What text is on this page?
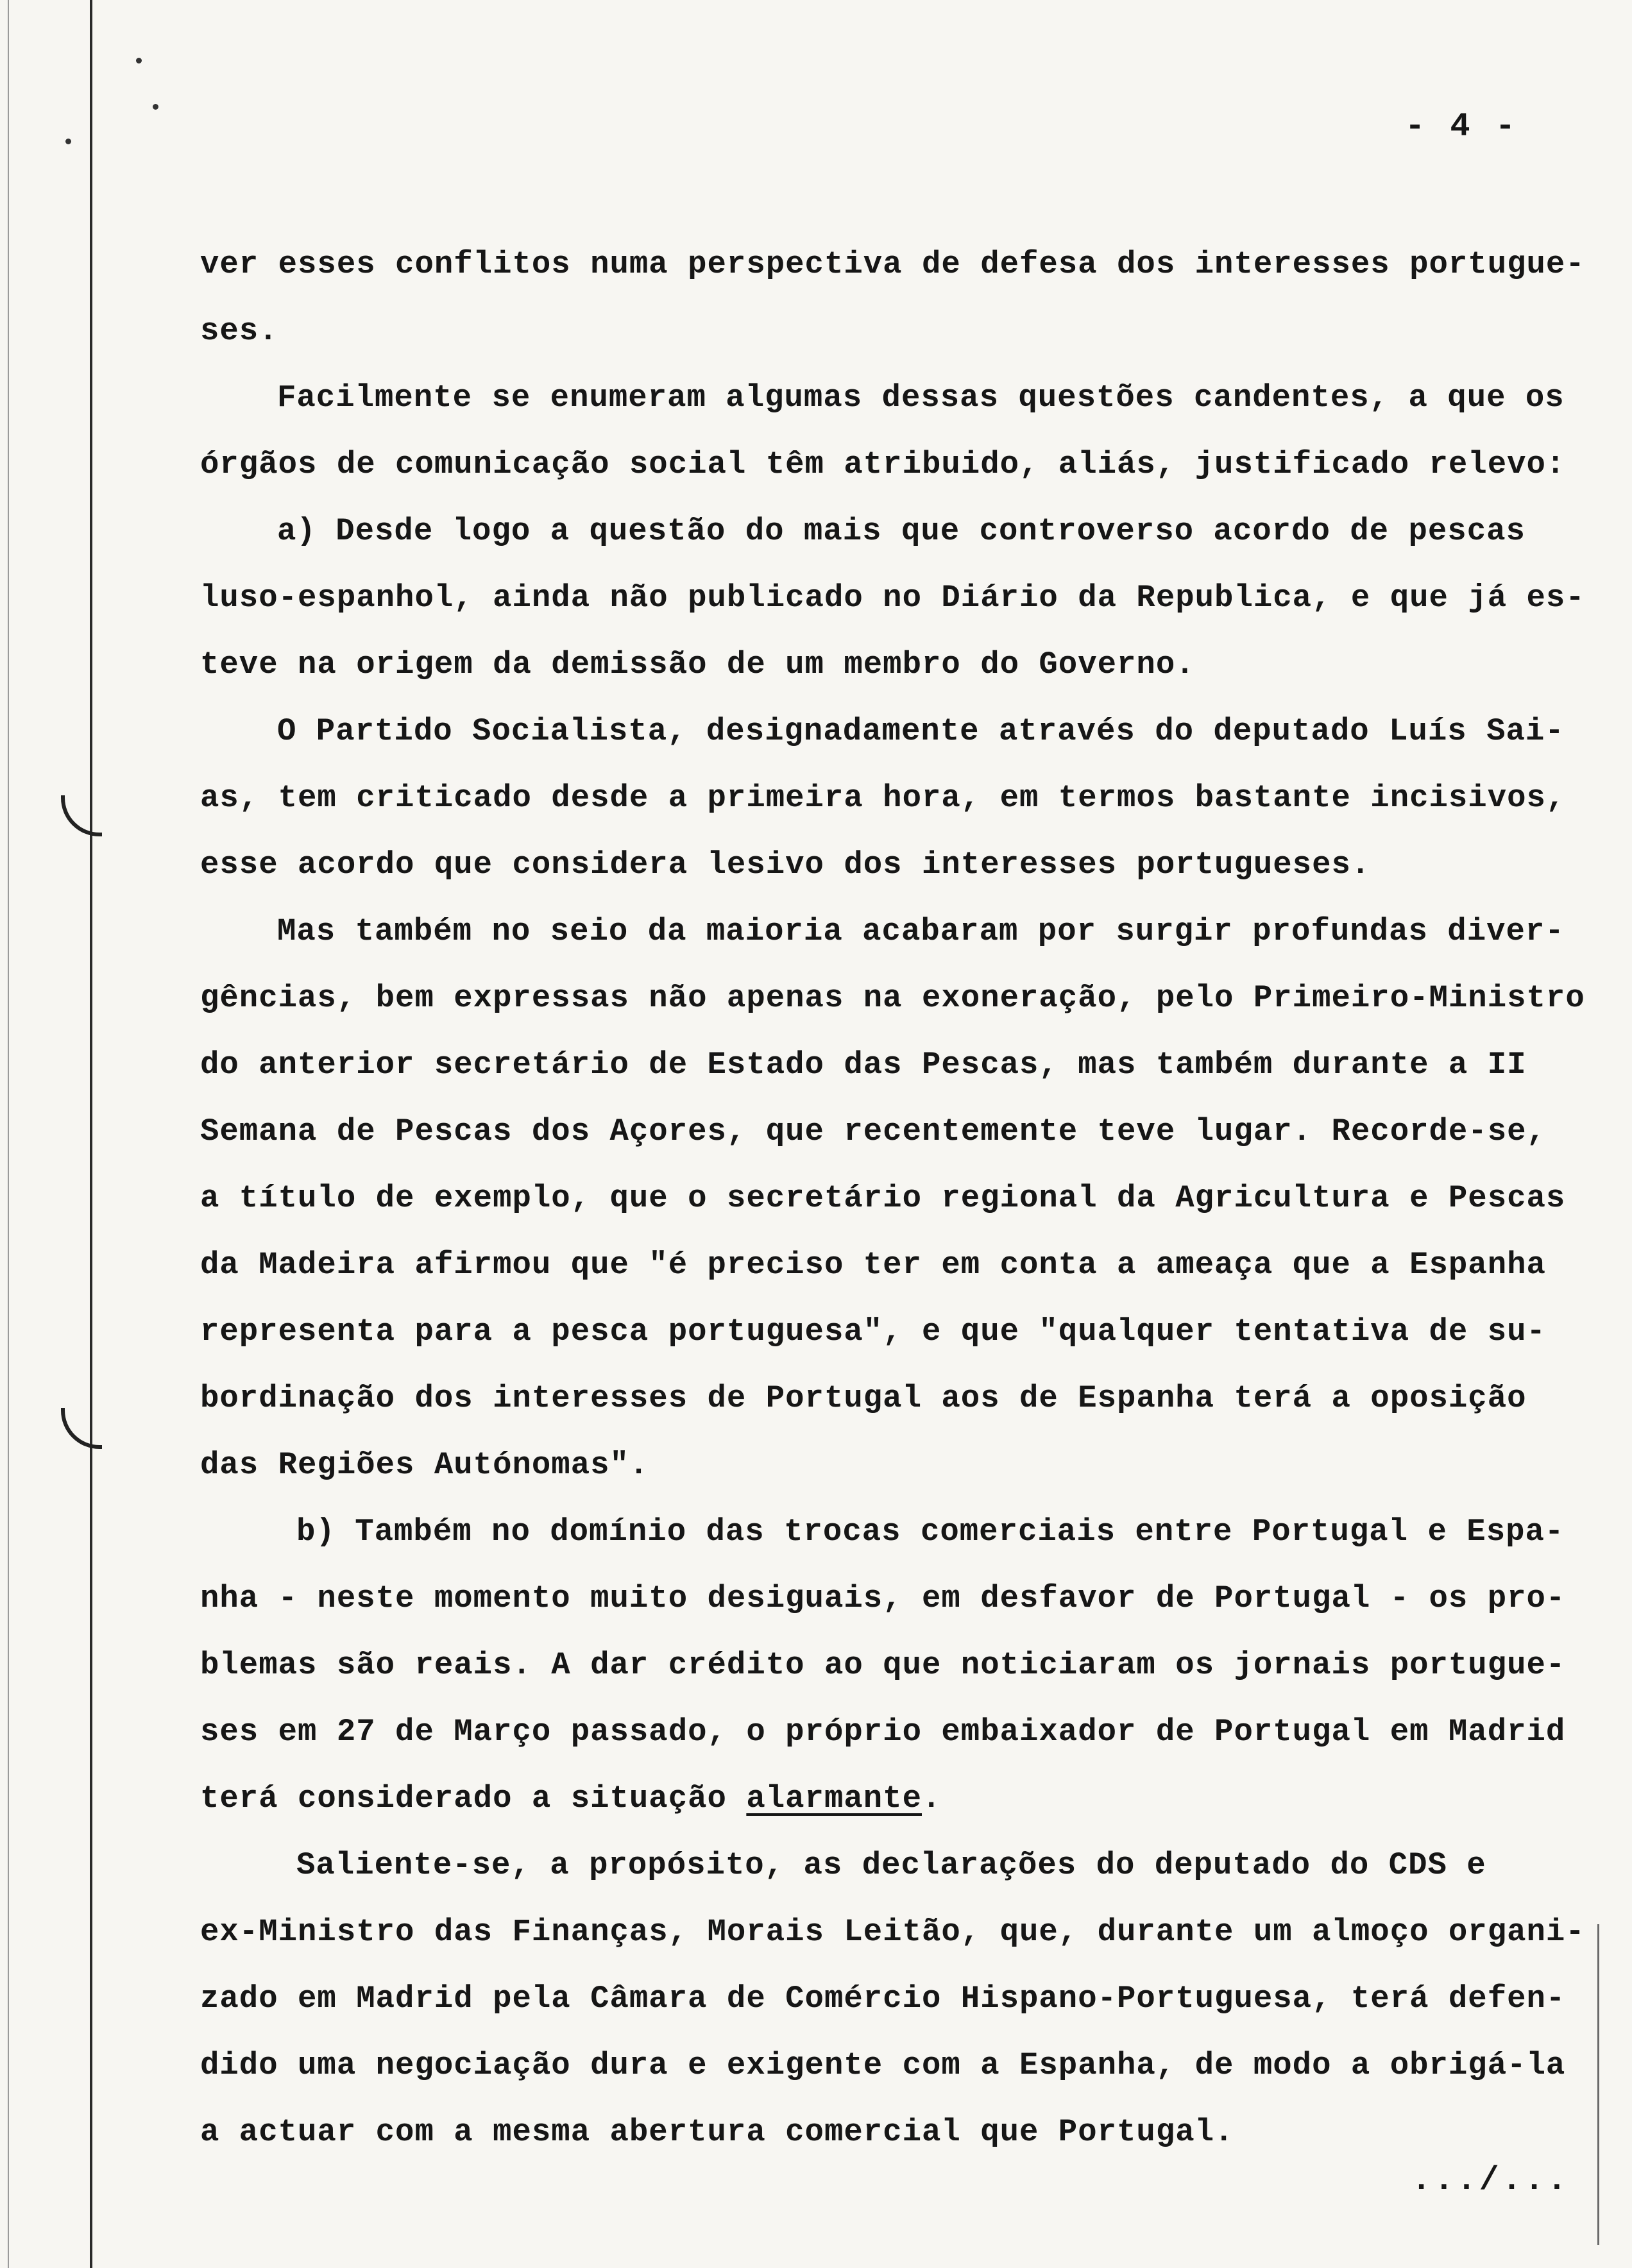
- 4 -
ver esses conflitos numa perspectiva de defesa dos interesses portugue-
ses.
Facilmente se enumeram algumas dessas questões candentes, a que os
órgãos de comunicação social têm atribuido, aliás, justificado relevo:
a) Desde logo a questão do mais que controverso acordo de pescas
luso-espanhol, ainda não publicado no Diário da Republica, e que já es-
teve na origem da demissão de um membro do Governo.
O Partido Socialista, designadamente através do deputado Luís Sai-
as, tem criticado desde a primeira hora, em termos bastante incisivos,
esse acordo que considera lesivo dos interesses portugueses.
Mas também no seio da maioria acabaram por surgir profundas diver-
gências, bem expressas não apenas na exoneração, pelo Primeiro-Ministro
do anterior secretário de Estado das Pescas, mas também durante a II
Semana de Pescas dos Açores, que recentemente teve lugar. Recorde-se,
a título de exemplo, que o secretário regional da Agricultura e Pescas
da Madeira afirmou que "é preciso ter em conta a ameaça que a Espanha
representa para a pesca portuguesa", e que "qualquer tentativa de su-
bordinação dos interesses de Portugal aos de Espanha terá a oposição
das Regiões Autónomas".
b) Também no domínio das trocas comerciais entre Portugal e Espa-
nha - neste momento muito desiguais, em desfavor de Portugal - os pro-
blemas são reais. A dar crédito ao que noticiaram os jornais portugue-
ses em 27 de Março passado, o próprio embaixador de Portugal em Madrid
terá considerado a situação alarmante.
Saliente-se, a propósito, as declarações do deputado do CDS e
ex-Ministro das Finanças, Morais Leitão, que, durante um almoço organi-
zado em Madrid pela Câmara de Comércio Hispano-Portuguesa, terá defen-
dido uma negociação dura e exigente com a Espanha, de modo a obrigá-la
a actuar com a mesma abertura comercial que Portugal.
.../...
